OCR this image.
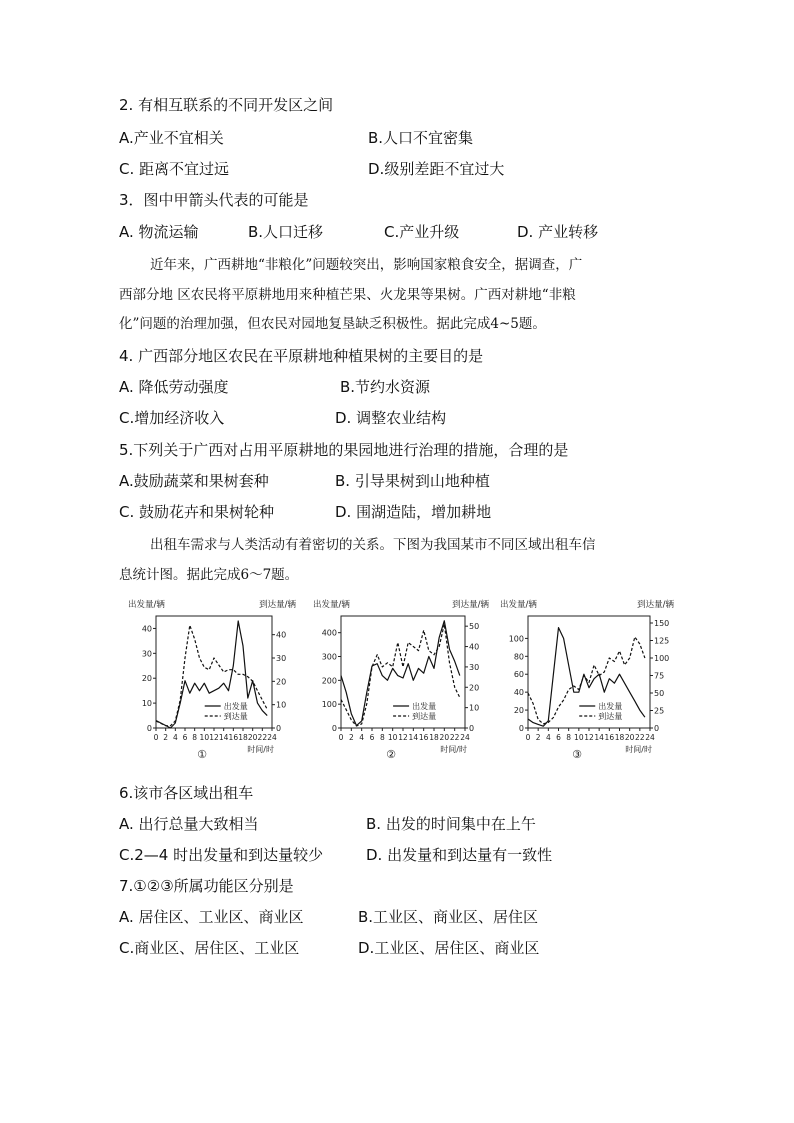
2. 有相互联系的不同开发区之间
A.产业不宜相关	B.人口不宜密集
C. 距离不宜过远	D.级别差距不宜过大
3．图中甲箭头代表的可能是
A. 物流运输	B.人口迁移	C.产业升级	D. 产业转移
近年来，广西耕地“非粮化”问题较突出，影响国家粮食安全，据调查，广
西部分地 区农民将平原耕地用来种植芒果、火龙果等果树。广西对耕地“非粮
化”问题的治理加强，但农民对园地复垦缺乏积极性。据此完成4~5题。
4. 广西部分地区农民在平原耕地种植果树的主要目的是
A. 降低劳动强度	B.节约水资源
C.增加经济收入	D. 调整农业结构
5.下列关于广西对占用平原耕地的果园地进行治理的措施，合理的是
A.鼓励蔬菜和果树套种	B. 引导果树到山地种植
C. 鼓励花卉和果树轮种	D. 围湖造陆，增加耕地
出租车需求与人类活动有着密切的关系。下图为我国某市不同区域出租车信
息统计图。据此完成6～7题。
出发量/辆	到达量/辆
0
10
20
30
40
0
10
20
30
40
0 2 4 6 8 10 12 14 16 18 20 22 24
时间/时
出发量
到达量
①
出发量/辆	到达量/辆
0
100
200
300
400
0
10
20
30
40
50
0 2 4 6 8 10 12 14 16 18 20 22 24
时间/时
出发量
到达量
②
出发量/辆	到达量/辆
0
20
40
60
80
100
0
25
50
75
100
125
150
0 2 4 6 8 10 12 14 16 18 20 22 24
时间/时
出发量
到达量
③
6.该市各区域出租车
A. 出行总量大致相当	B. 出发的时间集中在上午
C.2—4 时出发量和到达量较少	D. 出发量和到达量有一致性
7.①②③所属功能区分别是
A. 居住区、工业区、商业区	B.工业区、商业区、居住区
C.商业区、居住区、工业区	D.工业区、居住区、商业区
